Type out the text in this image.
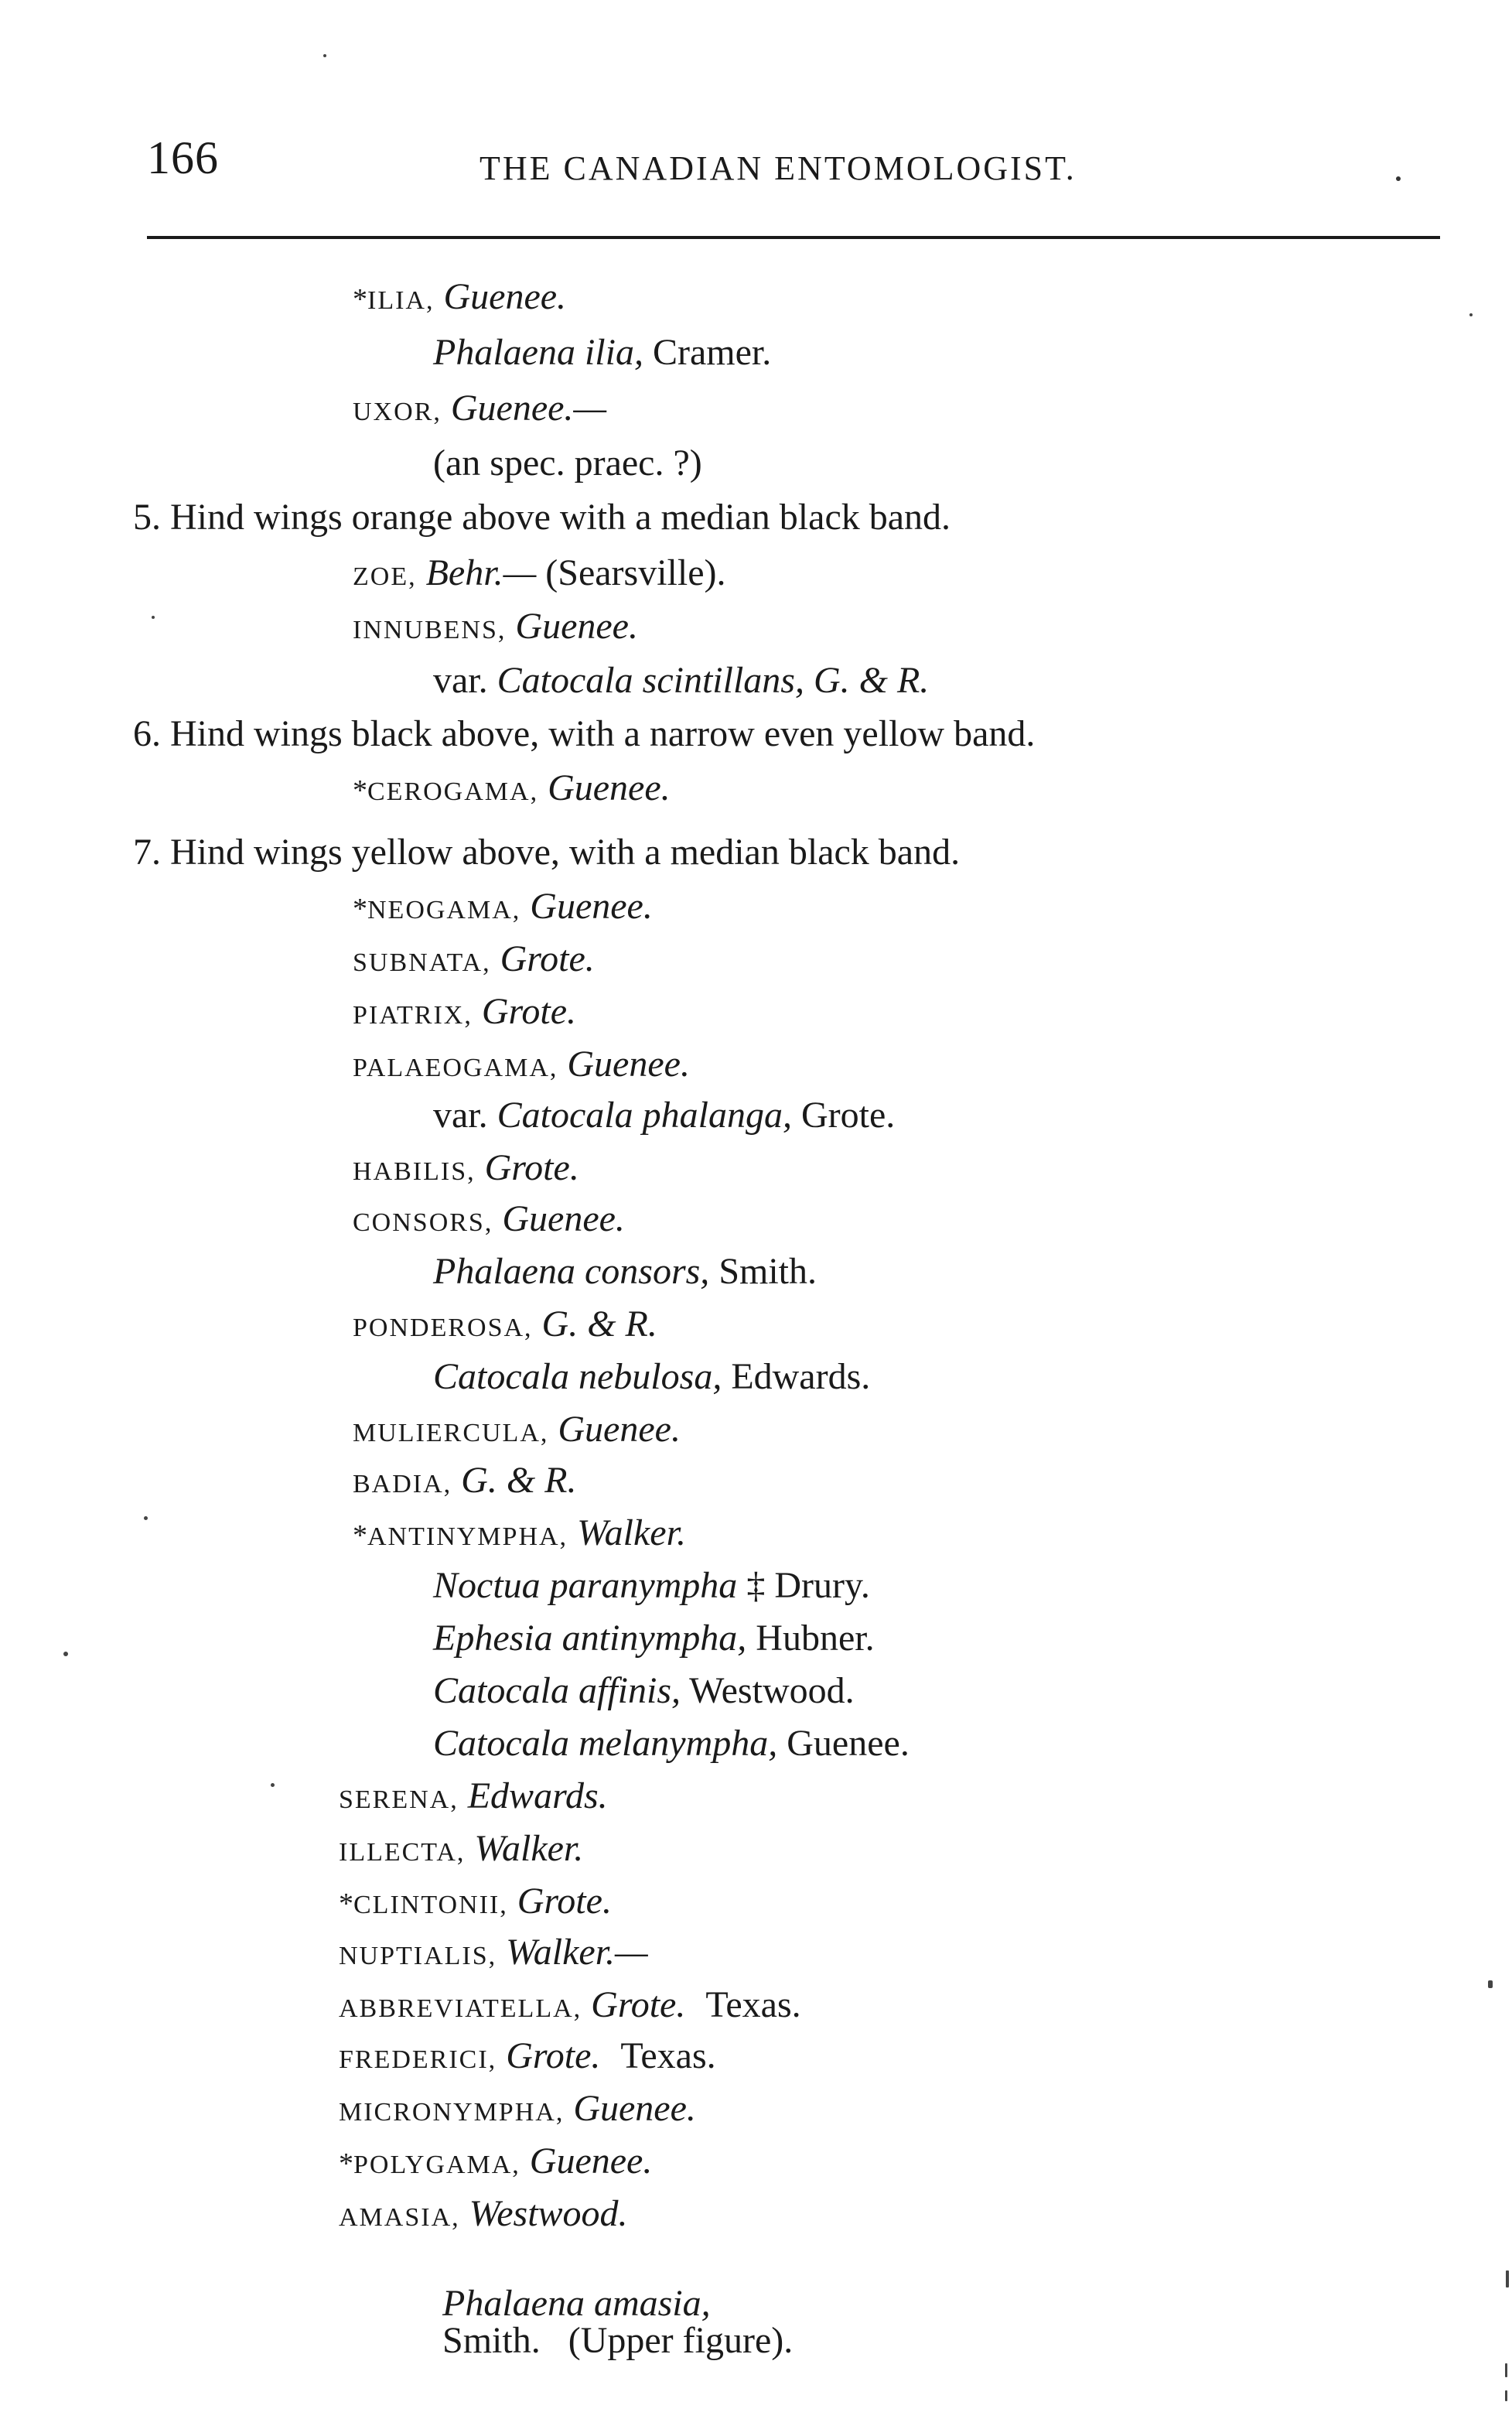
166	THE CANADIAN ENTOMOLOGIST.
*ILIA, Guenee.
Phalaena ilia, Cramer.
UXOR, Guenee.—
(an spec. praec. ?)
5. Hind wings orange above with a median black band.
ZOE, Behr.— (Searsville).
INNUBENS, Guenee.
var. Catocala scintillans, G. & R.
6. Hind wings black above, with a narrow even yellow band.
*CEROGAMA, Guenee.
7. Hind wings yellow above, with a median black band.
*NEOGAMA, Guenee.
SUBNATA, Grote.
PIATRIX, Grote.
PALAEOGAMA, Guenee.
var. Catocala phalanga, Grote.
HABILIS, Grote.
CONSORS, Guenee.
Phalaena consors, Smith.
PONDEROSA, G. & R.
Catocala nebulosa, Edwards.
MULIERCULA, Guenee.
BADIA, G. & R.
*ANTINYMPHA, Walker.
Noctua paranympha ‡ Drury.
Ephesia antinympha, Hubner.
Catocala affinis, Westwood.
Catocala melanympha, Guenee.
SERENA, Edwards.
ILLECTA, Walker.
*CLINTONII, Grote.
NUPTIALIS, Walker.—
ABBREVIATELLA, Grote. Texas.
FREDERICI, Grote. Texas.
MICRONYMPHA, Guenee.
*POLYGAMA, Guenee.
AMASIA, Westwood.

Phalaena amasia,
Smith.   (Upper figure).
